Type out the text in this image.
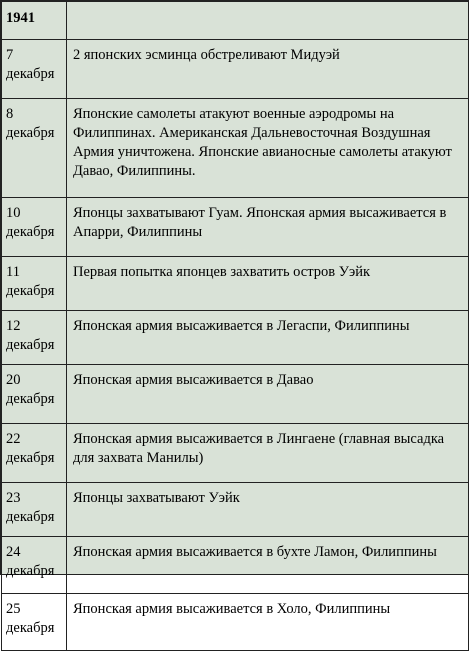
1941	
7
декабря	2 японских эсминца обстреливают Мидуэй
8
декабря	Японские самолеты атакуют военные аэродромы на Филиппинах. Американская Дальневосточная Воздушная Армия уничтожена. Японские авианосные самолеты атакуют Давао, Филиппины.
10
декабря	Японцы захватывают Гуам. Японская армия высаживается в Апарри, Филиппины
11
декабря	Первая попытка японцев захватить остров Уэйк
12
декабря	Японская армия высаживается в Легаспи, Филиппины
20
декабря	Японская армия высаживается в Давао
22
декабря	Японская армия высаживается в Лингаене (главная высадка для захвата Манилы)
23
декабря	Японцы захватывают Уэйк
24
декабря	Японская армия высаживается в бухте Ламон, Филиппины
25
декабря	Японская армия высаживается в Холо, Филиппины
